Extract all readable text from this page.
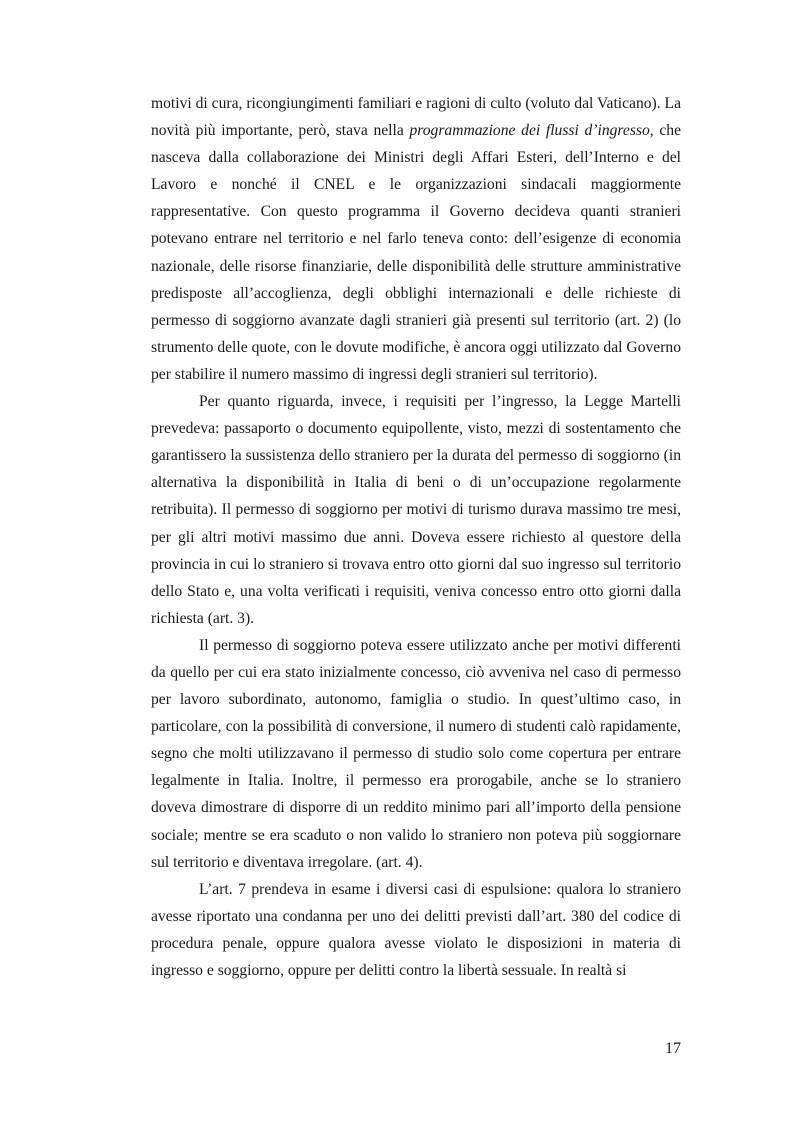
motivi di cura, ricongiungimenti familiari e ragioni di culto (voluto dal Vaticano). La novità più importante, però, stava nella programmazione dei flussi d’ingresso, che nasceva dalla collaborazione dei Ministri degli Affari Esteri, dell’Interno e del Lavoro e nonché il CNEL e le organizzazioni sindacali maggiormente rappresentative. Con questo programma il Governo decideva quanti stranieri potevano entrare nel territorio e nel farlo teneva conto: dell’esigenze di economia nazionale, delle risorse finanziarie, delle disponibilità delle strutture amministrative predisposte all’accoglienza, degli obblighi internazionali e delle richieste di permesso di soggiorno avanzate dagli stranieri già presenti sul territorio (art. 2) (lo strumento delle quote, con le dovute modifiche, è ancora oggi utilizzato dal Governo per stabilire il numero massimo di ingressi degli stranieri sul territorio).

Per quanto riguarda, invece, i requisiti per l’ingresso, la Legge Martelli prevedeva: passaporto o documento equipollente, visto, mezzi di sostentamento che garantissero la sussistenza dello straniero per la durata del permesso di soggiorno (in alternativa la disponibilità in Italia di beni o di un’occupazione regolarmente retribuita). Il permesso di soggiorno per motivi di turismo durava massimo tre mesi, per gli altri motivi massimo due anni. Doveva essere richiesto al questore della provincia in cui lo straniero si trovava entro otto giorni dal suo ingresso sul territorio dello Stato e, una volta verificati i requisiti, veniva concesso entro otto giorni dalla richiesta (art. 3).

Il permesso di soggiorno poteva essere utilizzato anche per motivi differenti da quello per cui era stato inizialmente concesso, ciò avveniva nel caso di permesso per lavoro subordinato, autonomo, famiglia o studio. In quest’ultimo caso, in particolare, con la possibilità di conversione, il numero di studenti calò rapidamente, segno che molti utilizzavano il permesso di studio solo come copertura per entrare legalmente in Italia. Inoltre, il permesso era prorogabile, anche se lo straniero doveva dimostrare di disporre di un reddito minimo pari all’importo della pensione sociale; mentre se era scaduto o non valido lo straniero non poteva più soggiornare sul territorio e diventava irregolare. (art. 4).

L’art. 7 prendeva in esame i diversi casi di espulsione: qualora lo straniero avesse riportato una condanna per uno dei delitti previsti dall’art. 380 del codice di procedura penale, oppure qualora avesse violato le disposizioni in materia di ingresso e soggiorno, oppure per delitti contro la libertà sessuale. In realtà si

17
